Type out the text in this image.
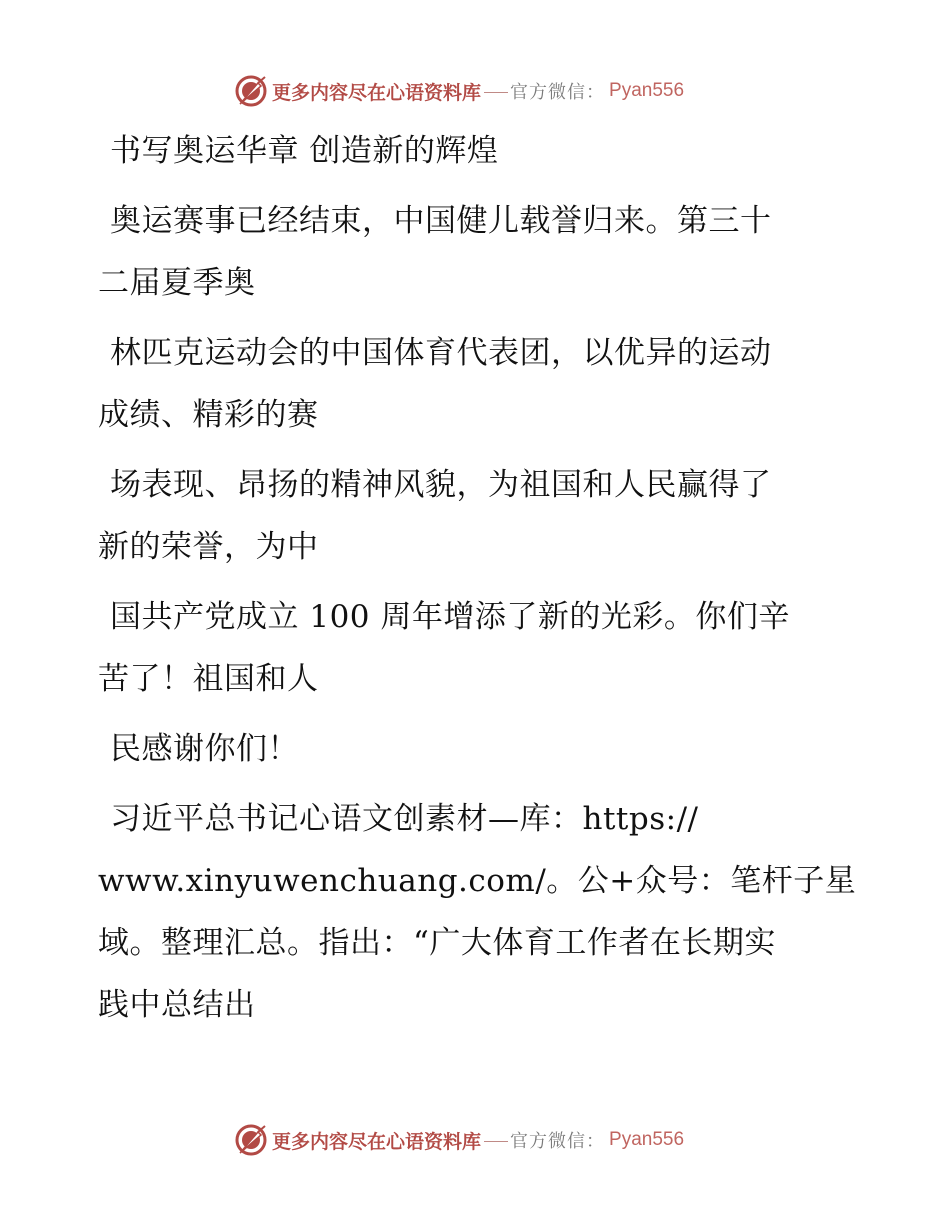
更多内容尽在心语资料库 官方微信： Pyan556
书写奥运华章 创造新的辉煌
奥运赛事已经结束，中国健儿载誉归来。第三十
二届夏季奥
林匹克运动会的中国体育代表团，以优异的运动
成绩、精彩的赛
场表现、昂扬的精神风貌，为祖国和人民赢得了
新的荣誉，为中
国共产党成立 100 周年增添了新的光彩。你们辛
苦了！祖国和人
民感谢你们！
习近平总书记心语文创素材—库：https://
www.xinyuwenchuang.com/。公+众号：笔杆子星
域。整理汇总。指出：“广大体育工作者在长期实
践中总结出
更多内容尽在心语资料库 官方微信： Pyan556
